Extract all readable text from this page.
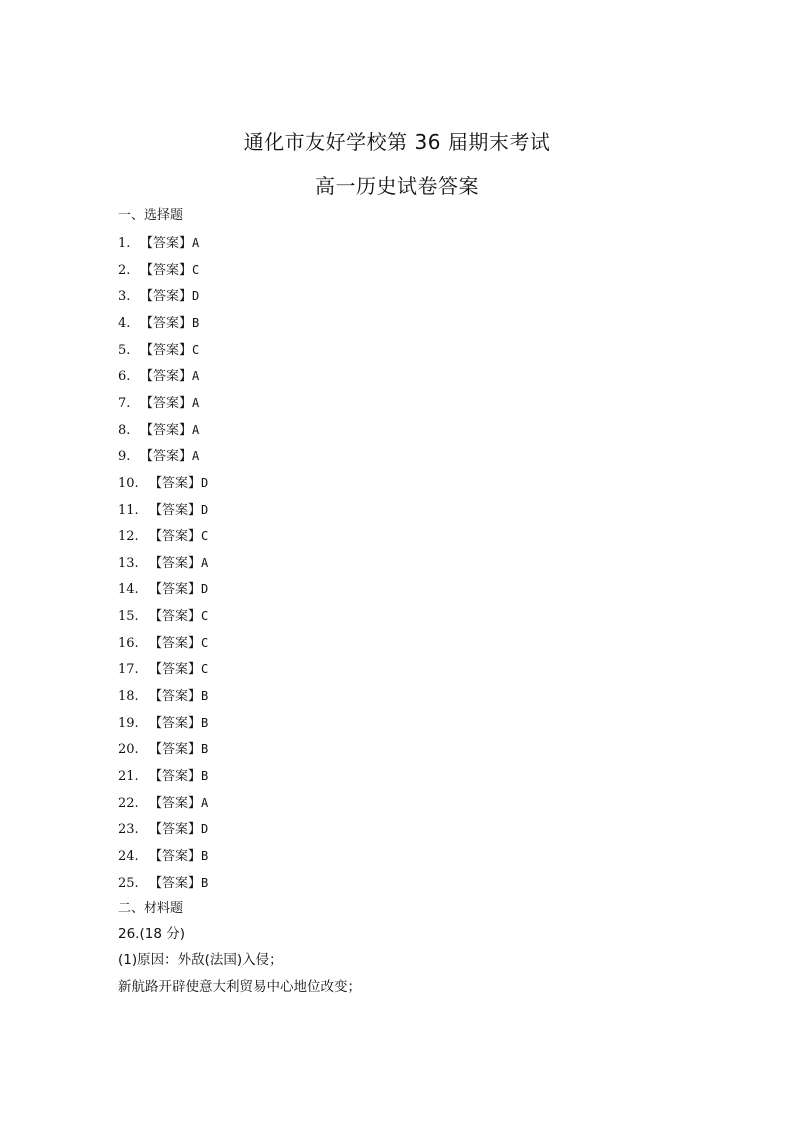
通化市友好学校第 36 届期末考试
高一历史试卷答案
一、选择题
1. 【答案】A
2. 【答案】C
3. 【答案】D
4. 【答案】B
5. 【答案】C
6. 【答案】A
7. 【答案】A
8. 【答案】A
9. 【答案】A
10. 【答案】D
11. 【答案】D
12. 【答案】C
13. 【答案】A
14. 【答案】D
15. 【答案】C
16. 【答案】C
17. 【答案】C
18. 【答案】B
19. 【答案】B
20. 【答案】B
21. 【答案】B
22. 【答案】A
23. 【答案】D
24. 【答案】B
25. 【答案】B
二、材料题
26.(18 分)
(1)原因：外敌(法国)入侵；
新航路开辟使意大利贸易中心地位改变；
